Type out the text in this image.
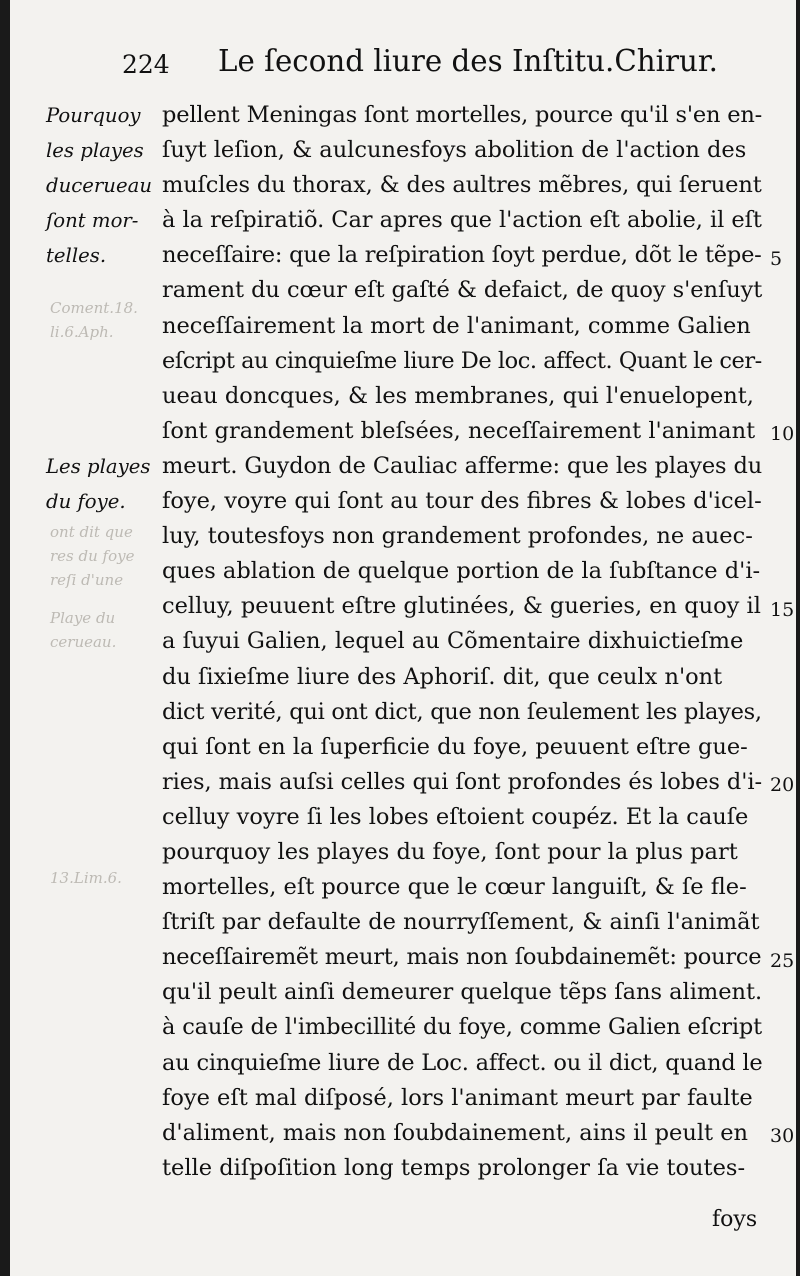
224 Le ſecond liure des Inſtitu.Chirur.
Coment.18.
li.6.Aph.
ont dit que
res du foye
reſi d'une
Playe du
cerueau.
13.Lim.6.
Pourquoy
les playes
ducerueau
ſont mor-
telles.
Les playes
du foye.
pellent Meningas ſont mortelles, pource qu'il s'en en-
ſuyt leſion, & aulcunesfoys abolition de l'action des
muſcles du thorax, & des aultres mẽbres, qui ſeruent
à la reſpiratiõ. Car apres que l'action eſt abolie, il eſt
neceſſaire: que la reſpiration ſoyt perdue, dõt le tẽpe-
rament du cœur eſt gaſté & defaict, de quoy s'enſuyt
neceſſairement la mort de l'animant, comme Galien
eſcript au cinquieſme liure De loc. affect. Quant le cer-
ueau doncques, & les membranes, qui l'enuelopent,
ſont grandement bleſsées, neceſſairement l'animant
meurt. Guydon de Cauliac afferme: que les playes du
foye, voyre qui ſont au tour des fibres & lobes d'icel-
luy, toutesfoys non grandement profondes, ne auec-
ques ablation de quelque portion de la ſubſtance d'i-
celluy, peuuent eſtre glutinées, & gueries, en quoy il
a ſuyui Galien, lequel au Cõmentaire dixhuictieſme
du ſixieſme liure des Aphoriſ. dit, que ceulx n'ont
dict verité, qui ont dict, que non ſeulement les playes,
qui ſont en la ſuperficie du foye, peuuent eſtre gue-
ries, mais auſsi celles qui ſont profondes és lobes d'i-
celluy voyre ſi les lobes eſtoient coupéz. Et la cauſe
pourquoy les playes du foye, ſont pour la plus part
mortelles, eſt pource que le cœur languiſt, & ſe fle-
ſtriſt par defaulte de nourryſſement, & ainſi l'animãt
neceſſairemẽt meurt, mais non ſoubdainemẽt: pource
qu'il peult ainſi demeurer quelque tẽps ſans aliment.
à cauſe de l'imbecillité du foye, comme Galien eſcript
au cinquieſme liure de Loc. affect. ou il dict, quand le
foye eſt mal diſposé, lors l'animant meurt par faulte
d'aliment, mais non ſoubdainement, ains il peult en
telle diſpoſition long temps prolonger ſa vie toutes-
5
10
15
20
25
30
foys
